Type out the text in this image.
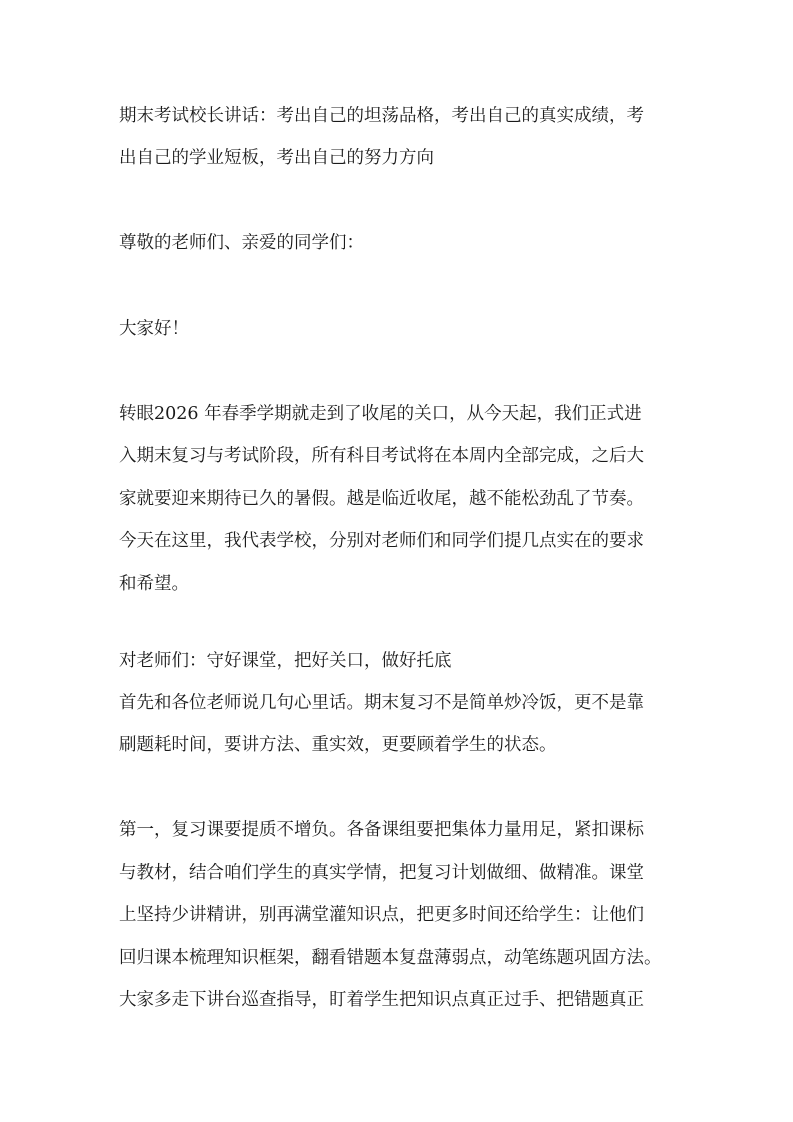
期末考试校长讲话：考出自己的坦荡品格，考出自己的真实成绩，考
出自己的学业短板，考出自己的努力方向
尊敬的老师们、亲爱的同学们：
大家好！
转眼2026 年春季学期就走到了收尾的关口，从今天起，我们正式进
入期末复习与考试阶段，所有科目考试将在本周内全部完成，之后大
家就要迎来期待已久的暑假。越是临近收尾，越不能松劲乱了节奏。
今天在这里，我代表学校，分别对老师们和同学们提几点实在的要求
和希望。
对老师们：守好课堂，把好关口，做好托底
首先和各位老师说几句心里话。期末复习不是简单炒冷饭，更不是靠
刷题耗时间，要讲方法、重实效，更要顾着学生的状态。
第一，复习课要提质不增负。各备课组要把集体力量用足，紧扣课标
与教材，结合咱们学生的真实学情，把复习计划做细、做精准。课堂
上坚持少讲精讲，别再满堂灌知识点，把更多时间还给学生：让他们
回归课本梳理知识框架，翻看错题本复盘薄弱点，动笔练题巩固方法。
大家多走下讲台巡查指导，盯着学生把知识点真正过手、把错题真正
